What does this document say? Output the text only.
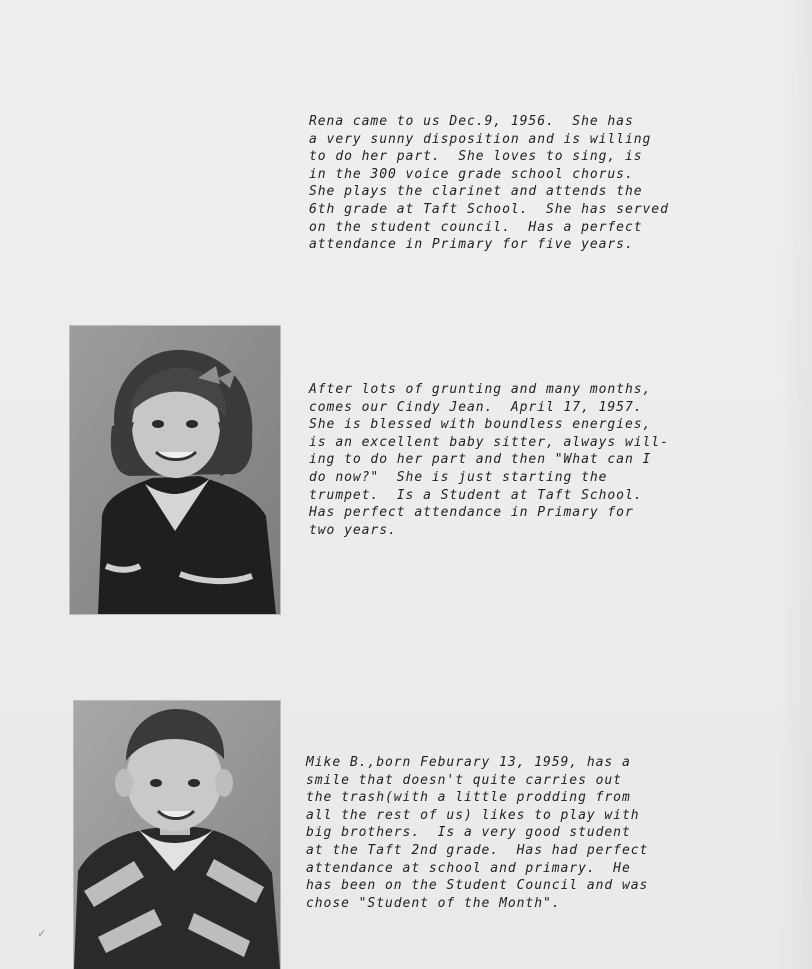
Rena came to us Dec.9, 1956.  She has
a very sunny disposition and is willing
to do her part.  She loves to sing, is
in the 300 voice grade school chorus.
She plays the clarinet and attends the
6th grade at Taft School.  She has served
on the student council.  Has a perfect
attendance in Primary for five years.
After lots of grunting and many months,
comes our Cindy Jean.  April 17, 1957.
She is blessed with boundless energies,
is an excellent baby sitter, always will-
ing to do her part and then "What can I
do now?"  She is just starting the
trumpet.  Is a Student at Taft School.
Has perfect attendance in Primary for
two years.
Mike B.,born Feburary 13, 1959, has a
smile that doesn't quite carries out
the trash(with a little prodding from
all the rest of us) likes to play with
big brothers.  Is a very good student
at the Taft 2nd grade.  Has had perfect
attendance at school and primary.  He
has been on the Student Council and was
chose "Student of the Month".
✓
